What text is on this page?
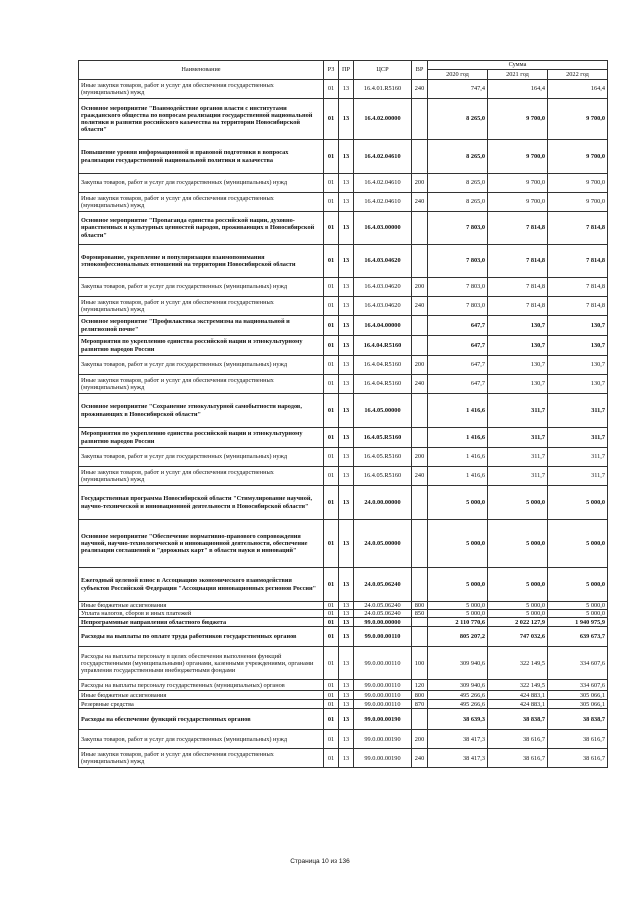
Наименование	РЗ	ПР	ЦСР	ВР	Сумма		
					2020 год	2021 год	2022 год
Иные закупки товаров, работ и услуг для обеспечения государственных (муниципальных) нужд	01	13	16.4.01.R5160	240	747,4	164,4	164,4
Основное мероприятие "Взаимодействие органов власти с институтами гражданского общества по вопросам реализации государственной национальной политики и развития российского казачества на территории Новосибирской области"	01	13	16.4.02.00000		8 265,0	9 700,0	9 700,0
Повышение уровня информационной и правовой подготовки в вопросах реализации государственной национальной политики и казачества	01	13	16.4.02.04610		8 265,0	9 700,0	9 700,0
Закупка товаров, работ и услуг для государственных (муниципальных) нужд	01	13	16.4.02.04610	200	8 265,0	9 700,0	9 700,0
Иные закупки товаров, работ и услуг для обеспечения государственных (муниципальных) нужд	01	13	16.4.02.04610	240	8 265,0	9 700,0	9 700,0
Основное мероприятие "Пропаганда единства российской нации, духовно-нравственных и культурных ценностей народов, проживающих в Новосибирской области"	01	13	16.4.03.00000		7 803,0	7 814,8	7 814,8
Формирование, укрепление и популяризация взаимопонимания этноконфессиональных отношений на территории Новосибирской области	01	13	16.4.03.04620		7 803,0	7 814,8	7 814,8
Закупка товаров, работ и услуг для государственных (муниципальных) нужд	01	13	16.4.03.04620	200	7 803,0	7 814,8	7 814,8
Иные закупки товаров, работ и услуг для обеспечения государственных (муниципальных) нужд	01	13	16.4.03.04620	240	7 803,0	7 814,8	7 814,8
Основное мероприятие "Профилактика экстремизма на национальной и религиозной почве"	01	13	16.4.04.00000		647,7	130,7	130,7
Мероприятия по укреплению единства российской нации и этнокультурному развитию народов России	01	13	16.4.04.R5160		647,7	130,7	130,7
Закупка товаров, работ и услуг для государственных (муниципальных) нужд	01	13	16.4.04.R5160	200	647,7	130,7	130,7
Иные закупки товаров, работ и услуг для обеспечения государственных (муниципальных) нужд	01	13	16.4.04.R5160	240	647,7	130,7	130,7
Основное мероприятие "Сохранение этнокультурной самобытности народов, проживающих в Новосибирской области"	01	13	16.4.05.00000		1 416,6	311,7	311,7
Мероприятия по укреплению единства российской нации и этнокультурному развитию народов России	01	13	16.4.05.R5160		1 416,6	311,7	311,7
Закупка товаров, работ и услуг для государственных (муниципальных) нужд	01	13	16.4.05.R5160	200	1 416,6	311,7	311,7
Иные закупки товаров, работ и услуг для обеспечения государственных (муниципальных) нужд	01	13	16.4.05.R5160	240	1 416,6	311,7	311,7
Государственная программа Новосибирской области "Стимулирование научной, научно-технической и инновационной деятельности в Новосибирской области"	01	13	24.0.00.00000		5 000,0	5 000,0	5 000,0
Основное мероприятие "Обеспечение нормативно-правового сопровождения научной, научно-технологической и инновационной деятельности, обеспечение реализации соглашений и "дорожных карт" в области науки и инноваций"	01	13	24.0.05.00000		5 000,0	5 000,0	5 000,0
Ежегодный целевой взнос в Ассоциацию экономического взаимодействия субъектов Российской Федерации "Ассоциация инновационных регионов России"	01	13	24.0.05.06240		5 000,0	5 000,0	5 000,0
Иные бюджетные ассигнования	01	13	24.0.05.06240	800	5 000,0	5 000,0	5 000,0
Уплата налогов, сборов и иных платежей	01	13	24.0.05.06240	850	5 000,0	5 000,0	5 000,0
Непрограммные направления областного бюджета	01	13	99.0.00.00000		2 110 770,6	2 022 127,9	1 940 975,9
Расходы на выплаты по оплате труда работников государственных органов	01	13	99.0.00.00110		805 207,2	747 032,6	639 673,7
Расходы на выплаты персоналу в целях обеспечения выполнения функций государственными (муниципальными) органами, казенными учреждениями, органами управления государственными внебюджетными фондами	01	13	99.0.00.00110	100	309 940,6	322 149,5	334 607,6
Расходы на выплаты персоналу государственных (муниципальных) органов	01	13	99.0.00.00110	120	309 940,6	322 149,5	334 607,6
Иные бюджетные ассигнования	01	13	99.0.00.00110	800	495 266,6	424 883,1	305 066,1
Резервные средства	01	13	99.0.00.00110	870	495 266,6	424 883,1	305 066,1
Расходы на обеспечение функций государственных органов	01	13	99.0.00.00190		38 639,3	38 838,7	38 838,7
Закупка товаров, работ и услуг для государственных (муниципальных) нужд	01	13	99.0.00.00190	200	38 417,3	38 616,7	38 616,7
Иные закупки товаров, работ и услуг для обеспечения государственных (муниципальных) нужд	01	13	99.0.00.00190	240	38 417,3	38 616,7	38 616,7
Страница 10 из 136
